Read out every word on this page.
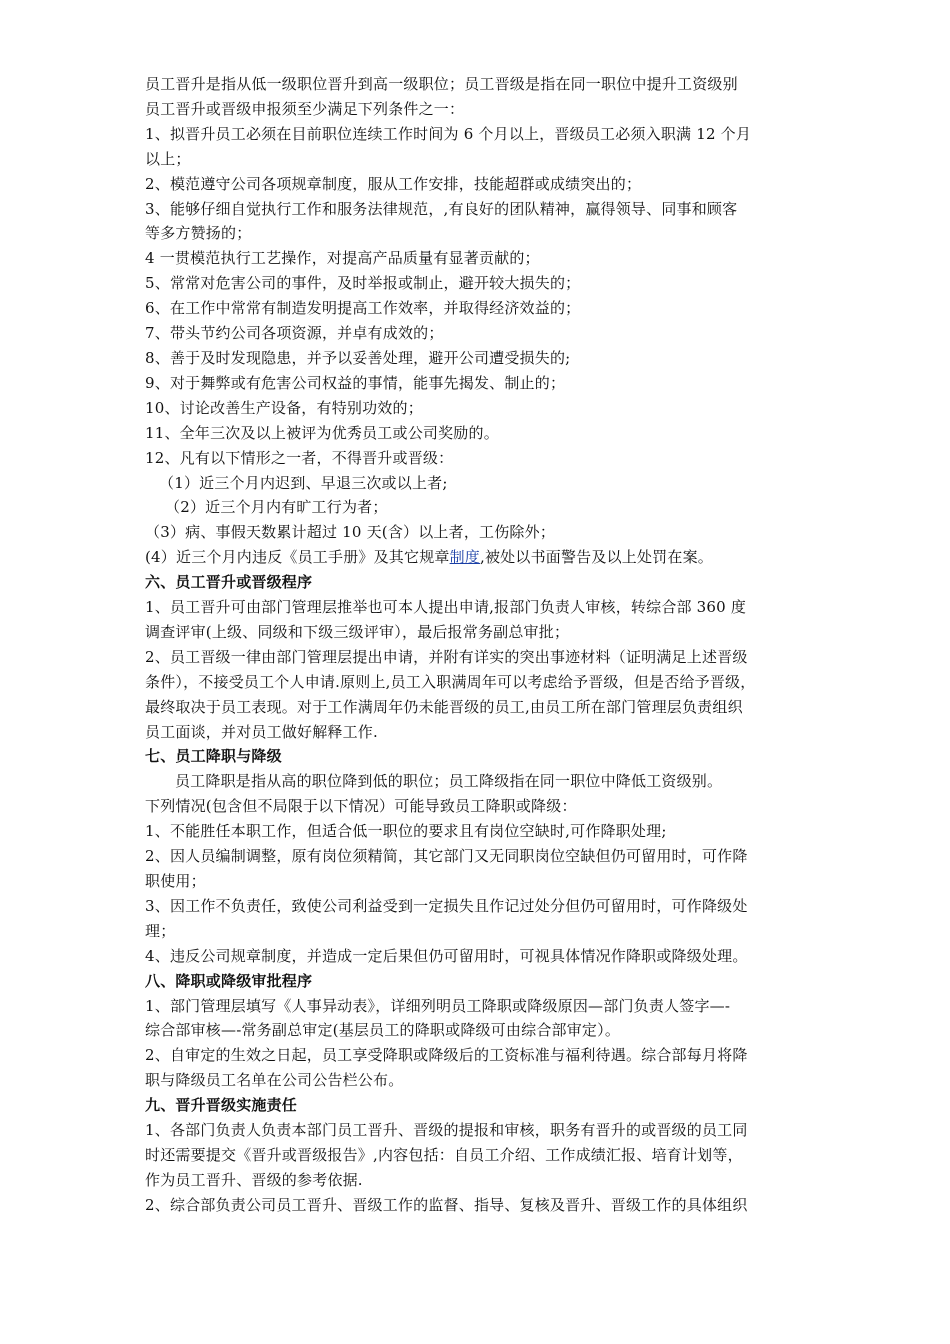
员工晋升是指从低一级职位晋升到高一级职位；员工晋级是指在同一职位中提升工资级别
员工晋升或晋级申报须至少满足下列条件之一：
1、拟晋升员工必须在目前职位连续工作时间为 6 个月以上，晋级员工必须入职满 12 个月
以上；
2、模范遵守公司各项规章制度，服从工作安排，技能超群或成绩突出的；
3、能够仔细自觉执行工作和服务法律规范，,有良好的团队精神，赢得领导、同事和顾客
等多方赞扬的；
4 一贯模范执行工艺操作，对提高产品质量有显著贡献的；
5、常常对危害公司的事件，及时举报或制止，避开较大损失的；
6、在工作中常常有制造发明提高工作效率，并取得经济效益的；
7、带头节约公司各项资源，并卓有成效的；
8、善于及时发现隐患，并予以妥善处理，避开公司遭受损失的;
9、对于舞弊或有危害公司权益的事情，能事先揭发、制止的；
10、讨论改善生产设备，有特别功效的；
11、全年三次及以上被评为优秀员工或公司奖励的。
12、凡有以下情形之一者，不得晋升或晋级：
（1）近三个月内迟到、早退三次或以上者;
（2）近三个月内有旷工行为者；
（3）病、事假天数累计超过 10 天(含）以上者，工伤除外；
(4）近三个月内违反《员工手册》及其它规章制度,被处以书面警告及以上处罚在案。
六、员工晋升或晋级程序
1、员工晋升可由部门管理层推举也可本人提出申请,报部门负责人审核，转综合部 360 度
调查评审(上级、同级和下级三级评审），最后报常务副总审批；
2、员工晋级一律由部门管理层提出申请，并附有详实的突出事迹材料（证明满足上述晋级
条件），不接受员工个人申请.原则上,员工入职满周年可以考虑给予晋级，但是否给予晋级，
最终取决于员工表现。对于工作满周年仍未能晋级的员工,由员工所在部门管理层负责组织
员工面谈，并对员工做好解释工作.
七、员工降职与降级
员工降职是指从高的职位降到低的职位；员工降级指在同一职位中降低工资级别。
下列情况(包含但不局限于以下情况）可能导致员工降职或降级：
1、不能胜任本职工作，但适合低一职位的要求且有岗位空缺时,可作降职处理;
2、因人员编制调整，原有岗位须精简，其它部门又无同职岗位空缺但仍可留用时，可作降
职使用；
3、因工作不负责任，致使公司利益受到一定损失且作记过处分但仍可留用时，可作降级处
理；
4、违反公司规章制度，并造成一定后果但仍可留用时，可视具体情况作降职或降级处理。
八、降职或降级审批程序
1、部门管理层填写《人事异动表》，详细列明员工降职或降级原因—部门负责人签字—-
综合部审核—-常务副总审定(基层员工的降职或降级可由综合部审定）。
2、自审定的生效之日起，员工享受降职或降级后的工资标准与福利待遇。综合部每月将降
职与降级员工名单在公司公告栏公布。
九、晋升晋级实施责任
1、各部门负责人负责本部门员工晋升、晋级的提报和审核，职务有晋升的或晋级的员工同
时还需要提交《晋升或晋级报告》,内容包括：自员工介绍、工作成绩汇报、培育计划等，
作为员工晋升、晋级的参考依据.
2、综合部负责公司员工晋升、晋级工作的监督、指导、复核及晋升、晋级工作的具体组织
